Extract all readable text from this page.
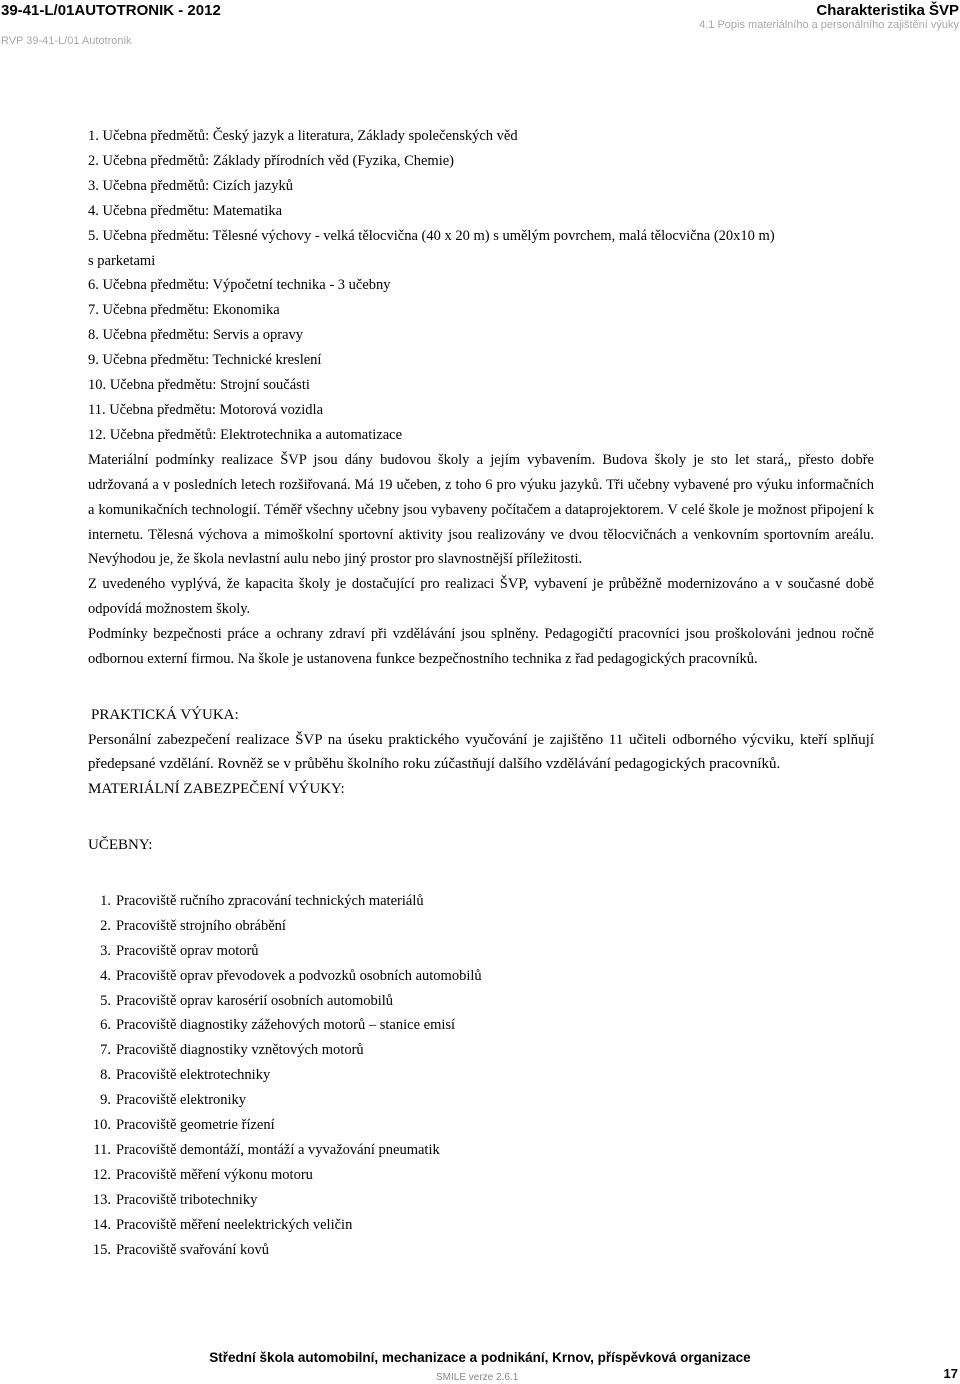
39-41-L/01AUTOTRONIK - 2012
RVP 39-41-L/01 Autotronik
Charakteristika ŠVP
4.1 Popis materiálního a personálního zajištění výuky
1. Učebna předmětů: Český jazyk a literatura, Základy společenských věd
2. Učebna předmětů: Základy přírodních věd (Fyzika, Chemie)
3. Učebna předmětů: Cizích jazyků
4. Učebna předmětu: Matematika
5. Učebna předmětu: Tělesné výchovy - velká tělocvična (40 x 20 m) s umělým povrchem, malá tělocvična (20x10 m)
s parketami
6. Učebna předmětu: Výpočetní technika - 3 učebny
7. Učebna předmětu: Ekonomika
8. Učebna předmětu: Servis a opravy
9. Učebna předmětu: Technické kreslení
10. Učebna předmětu: Strojní součásti
11. Učebna předmětu: Motorová vozidla
12. Učebna předmětů: Elektrotechnika a automatizace
Materiální podmínky realizace ŠVP jsou dány budovou školy a jejím vybavením. Budova školy je sto let stará,, přesto dobře udržovaná a v posledních letech rozšiřovaná. Má 19 učeben, z toho 6 pro výuku jazyků. Tři učebny vybavené pro výuku informačních a komunikačních technologií. Téměř všechny učebny jsou vybaveny počítačem a dataprojektorem. V celé škole je možnost připojení k internetu. Tělesná výchova a mimoškolní sportovní aktivity jsou realizovány ve dvou tělocvičnách a venkovním sportovním areálu. Nevýhodou je, že škola nevlastní aulu nebo jiný prostor pro slavnostnější příležitosti.
Z uvedeného vyplývá, že kapacita školy je dostačující pro realizaci ŠVP, vybavení je průběžně modernizováno a v současné době odpovídá možnostem školy.
Podmínky bezpečnosti práce a ochrany zdraví při vzdělávání jsou splněny. Pedagogičtí pracovníci jsou proškolováni jednou ročně odbornou externí firmou. Na škole je ustanovena funkce bezpečnostního technika z řad pedagogických pracovníků.
PRAKTICKÁ VÝUKA:
Personální zabezpečení realizace ŠVP na úseku praktického vyučování je zajištěno 11 učiteli odborného výcviku, kteří splňují předepsané vzdělání. Rovněž se v průběhu školního roku zúčastňují dalšího vzdělávání pedagogických pracovníků.
MATERIÁLNÍ ZABEZPEČENÍ VÝUKY:
UČEBNY:
1. Pracoviště ručního zpracování technických materiálů
2. Pracoviště strojního obrábění
3. Pracoviště oprav motorů
4. Pracoviště oprav převodovek a podvozků osobních automobilů
5. Pracoviště oprav karosérií osobních automobilů
6. Pracoviště diagnostiky zážehových motorů – stanice emisí
7. Pracoviště diagnostiky vznětových motorů
8. Pracoviště elektrotechniky
9. Pracoviště elektroniky
10. Pracoviště geometrie řízení
11. Pracoviště demontáží, montáží a vyvažování pneumatik
12. Pracoviště měření výkonu motoru
13. Pracoviště tribotechniky
14. Pracoviště měření neelektrických veličin
15. Pracoviště svařování kovů
Střední škola automobilní, mechanizace a podnikání, Krnov, příspěvková organizace
SMILE verze 2.6.1	17
